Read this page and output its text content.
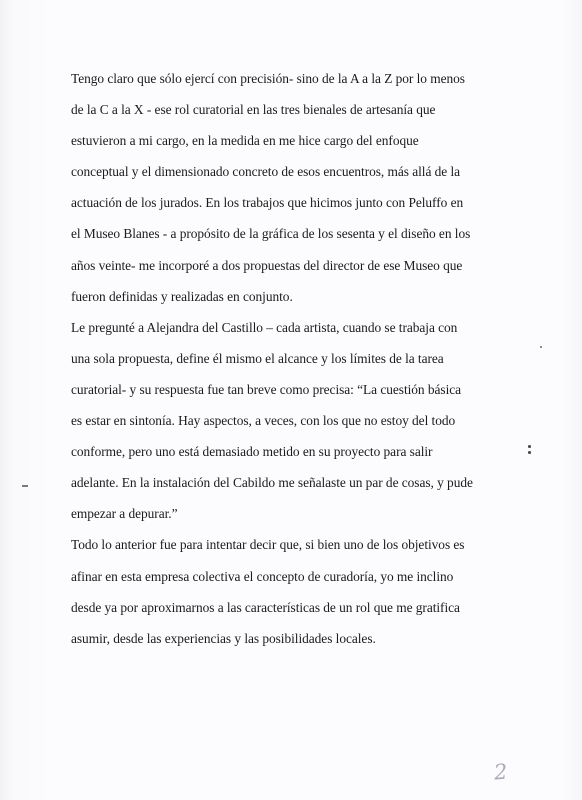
Tengo claro que sólo ejercí con precisión- sino de la A a la Z por lo menos
de la C a la X - ese rol curatorial en las tres bienales de artesanía que
estuvieron a mi cargo, en la medida en me hice cargo del enfoque
conceptual y el dimensionado concreto de esos encuentros, más allá de la
actuación de los jurados. En los trabajos que hicimos junto con Peluffo en
el Museo Blanes - a propósito de la gráfica de los sesenta y el diseño en los
años veinte- me incorporé a dos propuestas del director de ese Museo que
fueron definidas y realizadas en conjunto.
Le pregunté a Alejandra del Castillo – cada artista, cuando se trabaja con
una sola propuesta, define él mismo el alcance y los límites de la tarea
curatorial- y su respuesta fue tan breve como precisa: “La cuestión básica
es estar en sintonía. Hay aspectos, a veces, con los que no estoy del todo
conforme, pero uno está demasiado metido en su proyecto para salir
adelante. En la instalación del Cabildo me señalaste un par de cosas, y pude
empezar a depurar.”
Todo lo anterior fue para intentar decir que, si bien uno de los objetivos es
afinar en esta empresa colectiva el concepto de curadoría, yo me inclino
desde ya por aproximarnos a las características de un rol que me gratifica
asumir, desde las experiencias y las posibilidades locales.
2
